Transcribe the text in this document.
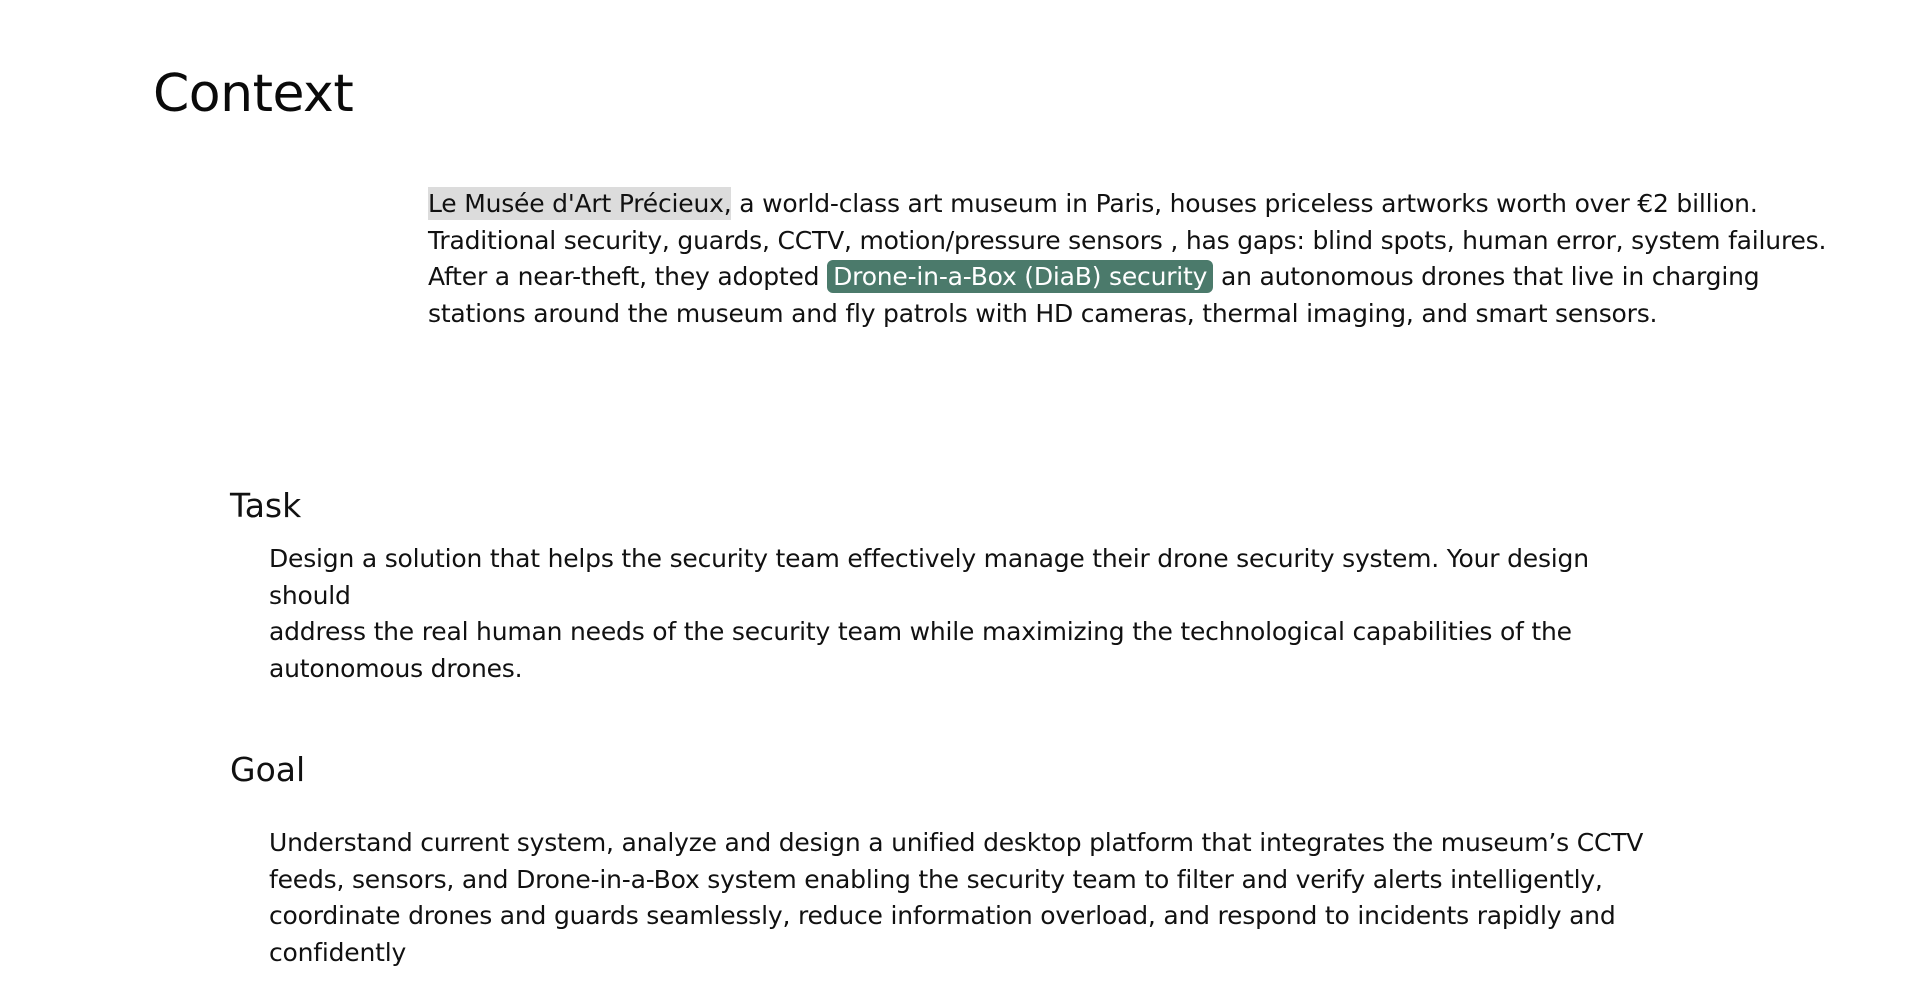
Context

Le Musée d'Art Précieux, a world-class art museum in Paris, houses priceless artworks worth over €2 billion.
Traditional security, guards, CCTV, motion/pressure sensors , has gaps: blind spots, human error, system failures.
After a near-theft, they adopted Drone-in-a-Box (DiaB) security an autonomous drones that live in charging
stations around the museum and fly patrols with HD cameras, thermal imaging, and smart sensors.

Task

Design a solution that helps the security team effectively manage their drone security system. Your design should
address the real human needs of the security team while maximizing the technological capabilities of the
autonomous drones.

Goal

Understand current system, analyze and design a unified desktop platform that integrates the museum’s CCTV
feeds, sensors, and Drone-in-a-Box system enabling the security team to filter and verify alerts intelligently,
coordinate drones and guards seamlessly, reduce information overload, and respond to incidents rapidly and
confidently
